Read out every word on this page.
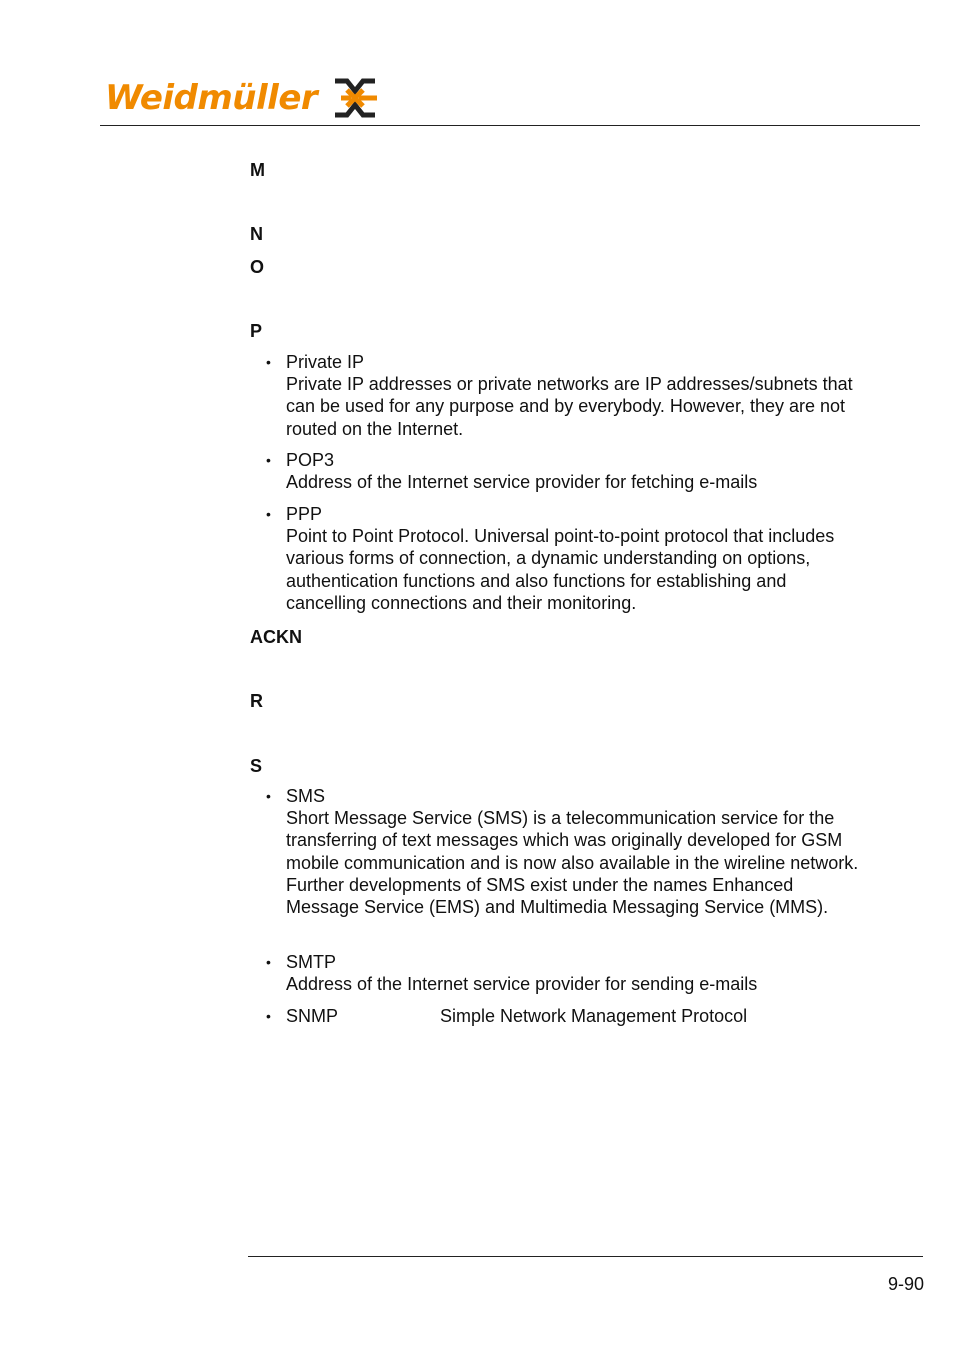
Weidmüller
M
N
O
P
• Private IP
Private IP addresses or private networks are IP addresses/subnets that can be used for any purpose and by everybody. However, they are not routed on the Internet.
• POP3
Address of the Internet service provider for fetching e-mails
• PPP
Point to Point Protocol. Universal point-to-point protocol that includes various forms of connection, a dynamic understanding on options, authentication functions and also functions for establishing and cancelling connections and their monitoring.
ACKN
R
S
• SMS
Short Message Service (SMS) is a telecommunication service for the transferring of text messages which was originally developed for GSM mobile communication and is now also available in the wireline network. Further developments of SMS exist under the names Enhanced Message Service (EMS) and Multimedia Messaging Service (MMS).
• SMTP
Address of the Internet service provider for sending e-mails
• SNMP	Simple Network Management Protocol
9-90
